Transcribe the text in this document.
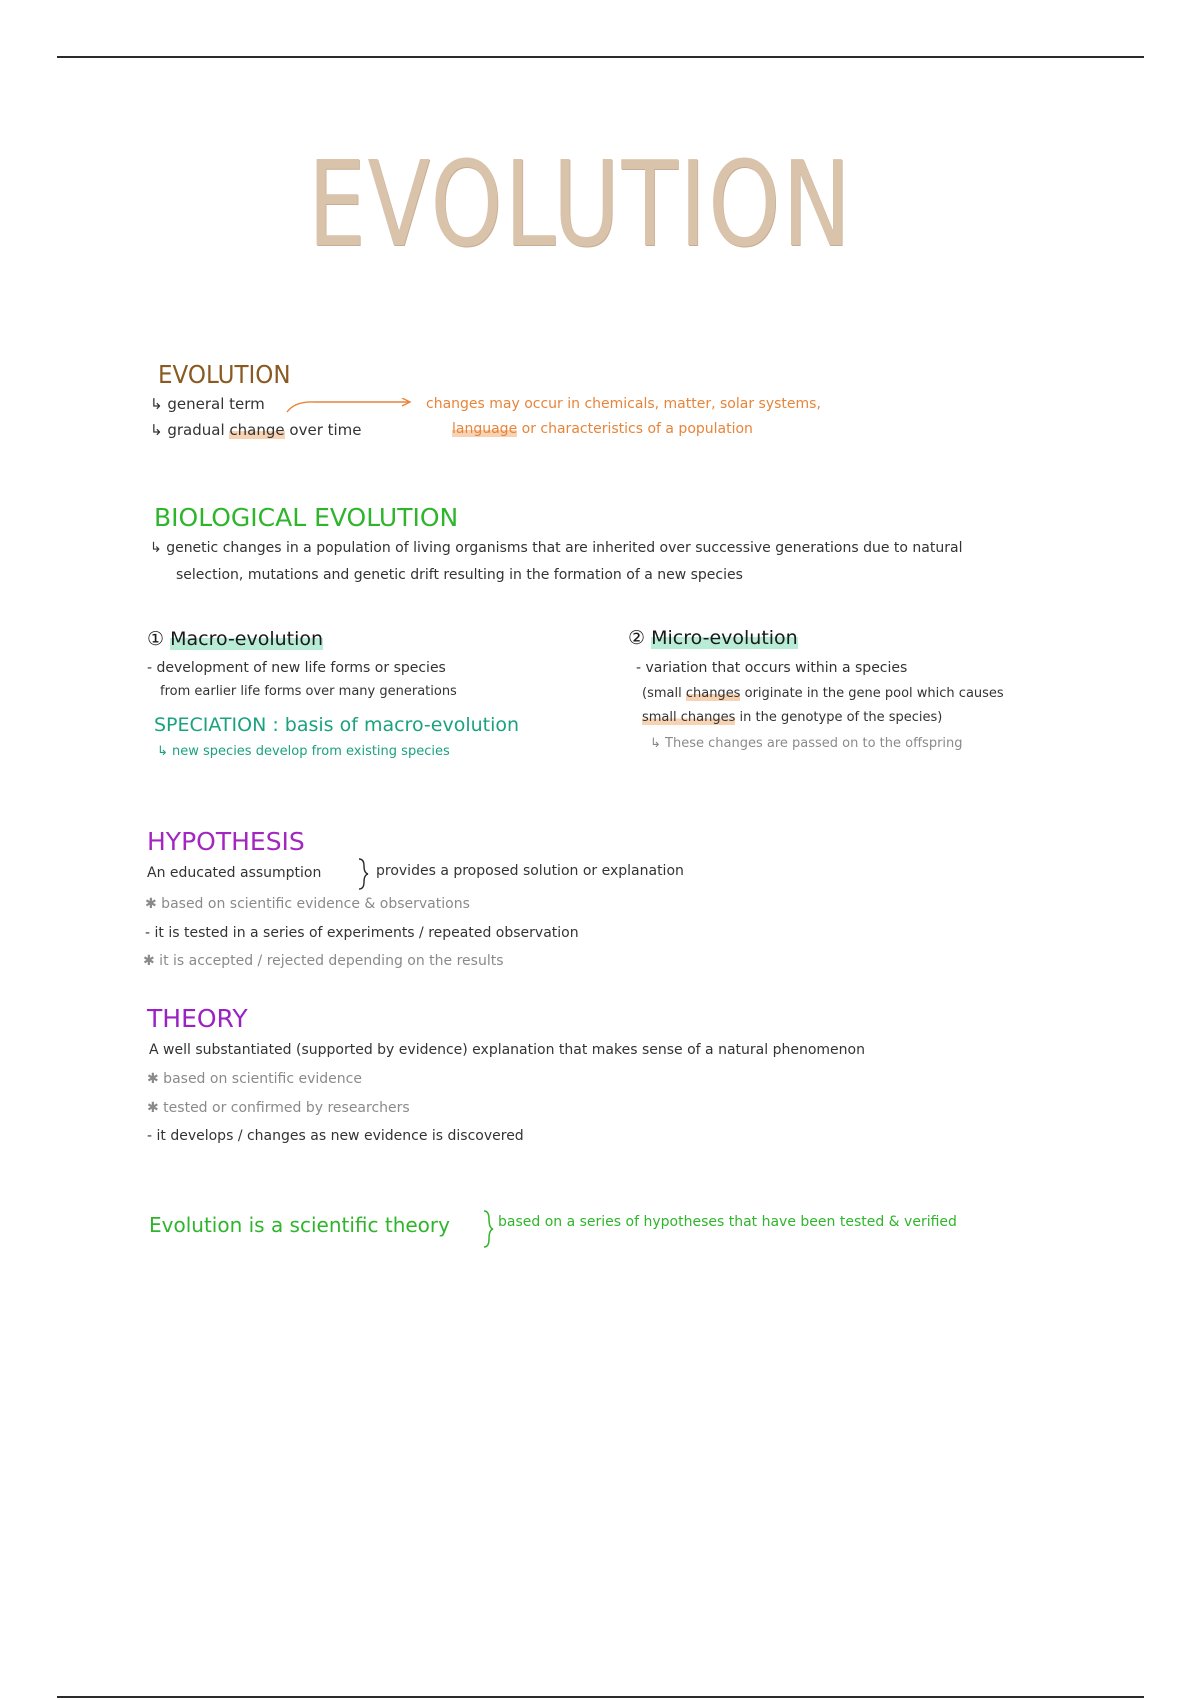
EVOLUTION
EVOLUTION
↳ general term
↳ gradual change over time
changes may occur in chemicals, matter, solar systems,
language or characteristics of a population
BIOLOGICAL EVOLUTION
↳ genetic changes in a population of living organisms that are inherited over successive generations due to natural
selection, mutations and genetic drift resulting in the formation of a new species
① Macro-evolution
- development of new life forms or species
from earlier life forms over many generations
SPECIATION : basis of macro-evolution
↳ new species develop from existing species
② Micro-evolution
- variation that occurs within a species
(small changes originate in the gene pool which causes
small changes in the genotype of the species)
↳ These changes are passed on to the offspring
HYPOTHESIS
An educated assumption	provides a proposed solution or explanation
✱ based on scientific evidence & observations
- it is tested in a series of experiments / repeated observation
✱ it is accepted / rejected depending on the results
THEORY
A well substantiated (supported by evidence) explanation that makes sense of a natural phenomenon
✱ based on scientific evidence
✱ tested or confirmed by researchers
- it develops / changes as new evidence is discovered
Evolution is a scientific theory	based on a series of hypotheses that have been tested & verified
